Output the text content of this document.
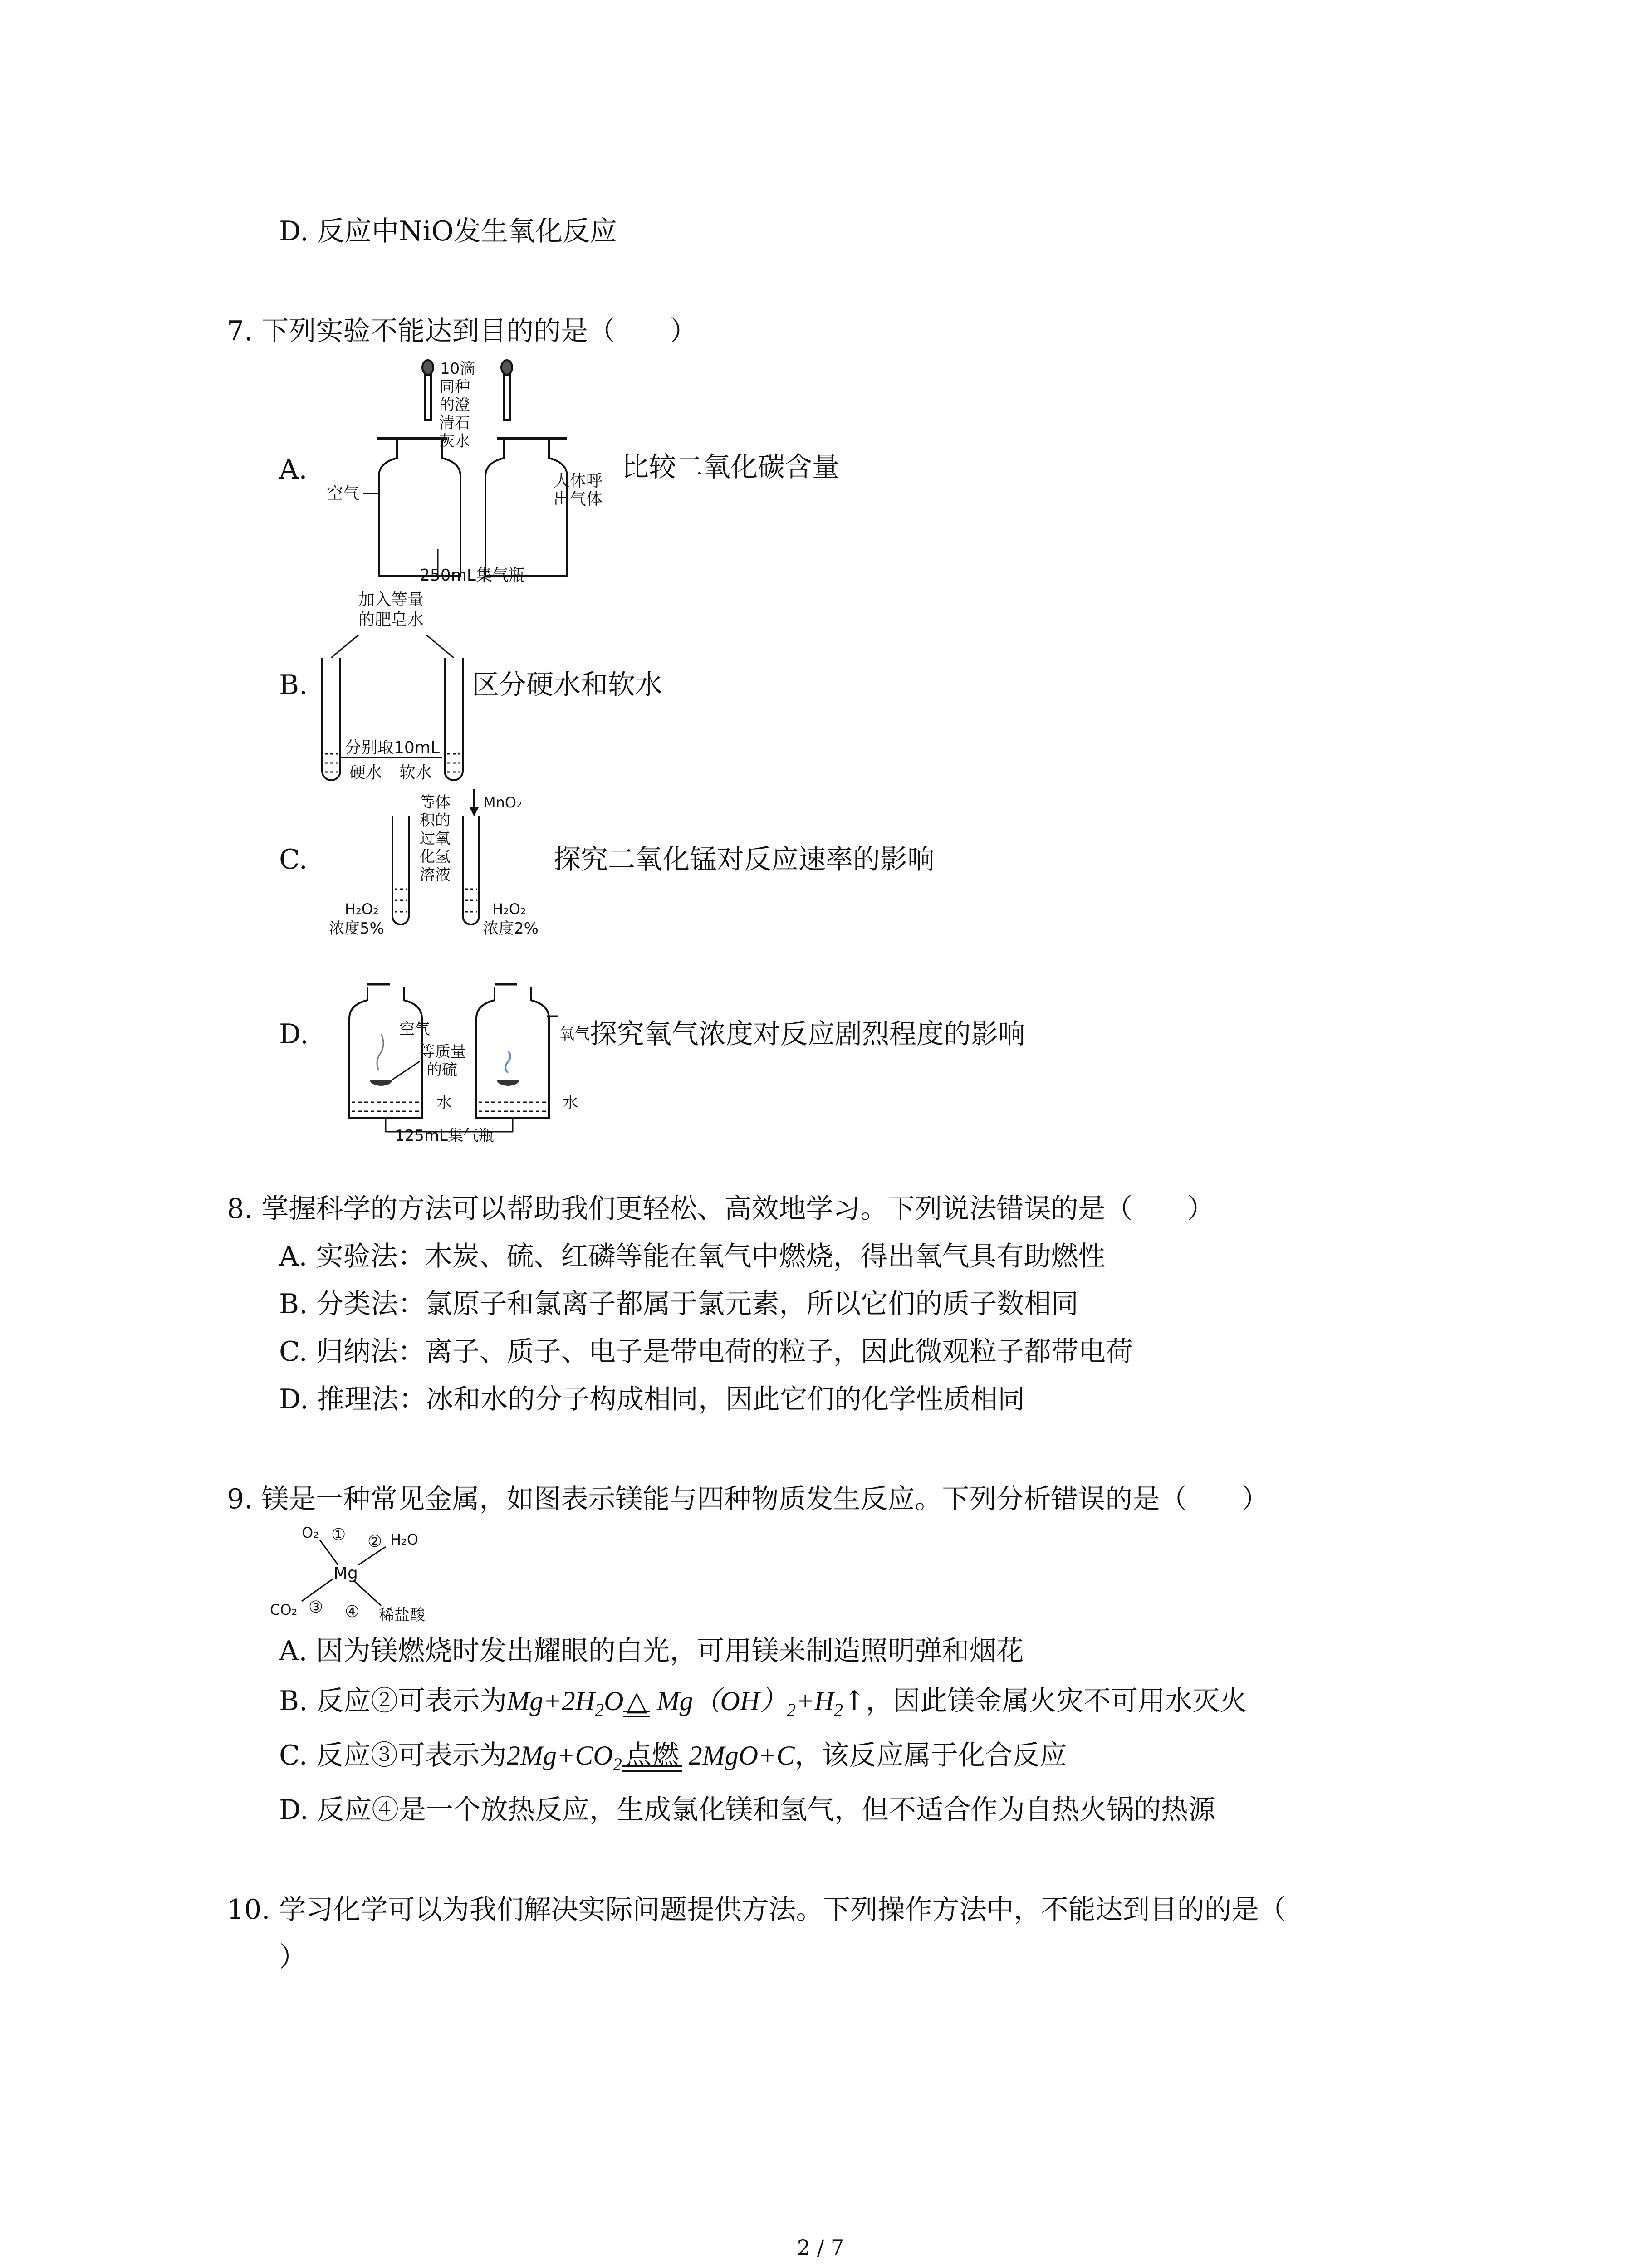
D. 反应中NiO发生氧化反应
7. 下列实验不能达到目的的是（　　）
A.
10滴
同种
的澄
清石
灰水
空气
人体呼
出气体
250mL集气瓶
比较二氧化碳含量
B.
加入等量
的肥皂水
分别取10mL
硬水 软水
区分硬水和软水
C.
MnO₂
等体
积的
过氧
化氢
溶液
H₂O₂
浓度5%
H₂O₂
浓度2%
探究二氧化锰对反应速率的影响
D.	空气
等质量
的硫
水	水
125mL集气瓶
氧气 探究氧气浓度对反应剧烈程度的影响
8. 掌握科学的方法可以帮助我们更轻松、高效地学习。下列说法错误的是（　　）
A. 实验法：木炭、硫、红磷等能在氧气中燃烧，得出氧气具有助燃性
B. 分类法：氯原子和氯离子都属于氯元素，所以它们的质子数相同
C. 归纳法：离子、质子、电子是带电荷的粒子，因此微观粒子都带电荷
D. 推理法：冰和水的分子构成相同，因此它们的化学性质相同
9. 镁是一种常见金属，如图表示镁能与四种物质发生反应。下列分析错误的是（　　）
O₂ ① ② H₂O
Mg
CO₂ ③ ④ 稀盐酸
A. 因为镁燃烧时发出耀眼的白光，可用镁来制造照明弹和烟花
B. 反应②可表示为$Mg+2H_2O$ △ $Mg(OH)_2+H_2↑$，因此镁金属火灾不可用水灭火
C. 反应③可表示为$2Mg+CO_2$ 点燃 2MgO+C，该反应属于化合反应
D. 反应④是一个放热反应，生成氯化镁和氢气，但不适合作为自热火锅的热源
10. 学习化学可以为我们解决实际问题提供方法。下列操作方法中，不能达到目的的是（
）
2 / 7
